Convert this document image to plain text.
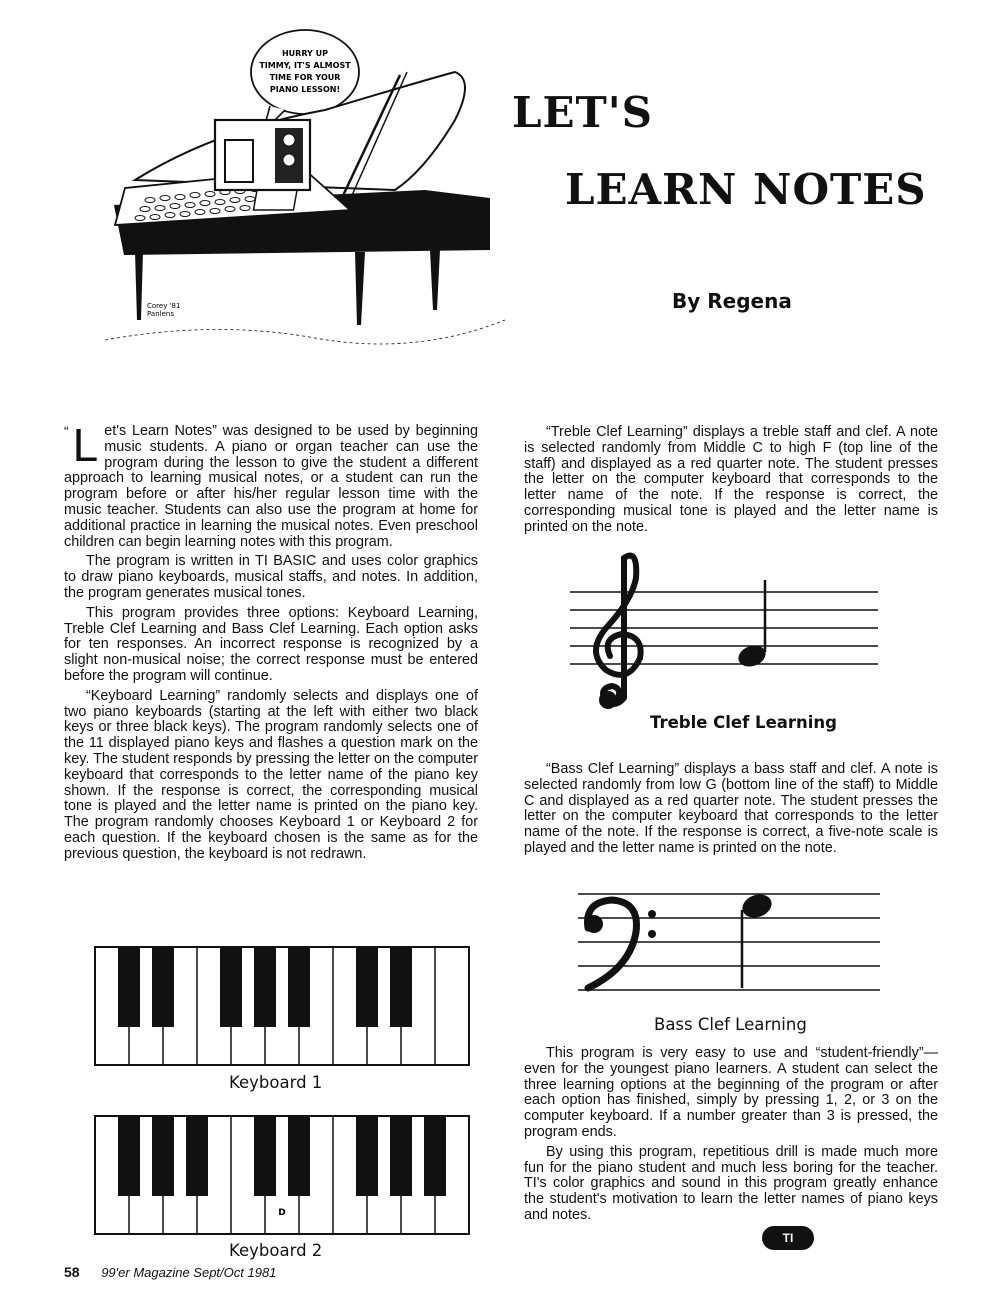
HURRY UP
TIMMY, IT'S ALMOST
TIME FOR YOUR
PIANO LESSON!
Corey '81
Panlens
LET'S
LEARN NOTES
By Regena

“ L et's Learn Notes” was designed to be used by beginning music students. A piano or organ teacher can use the program during the lesson to give the student a different approach to learning musical notes, or a student can run the program before or after his/her regular lesson time with the music teacher. Students can also use the program at home for additional practice in learning the musical notes. Even preschool children can begin learning notes with this program.

The program is written in TI BASIC and uses color graphics to draw piano keyboards, musical staffs, and notes. In addition, the program generates musical tones.

This program provides three options: Keyboard Learning, Treble Clef Learning and Bass Clef Learning. Each option asks for ten responses. An incorrect response is recognized by a slight non-musical noise; the correct response must be entered before the program will continue.

“Keyboard Learning” randomly selects and displays one of two piano keyboards (starting at the left with either two black keys or three black keys). The program randomly selects one of the 11 displayed piano keys and flashes a question mark on the key. The student responds by pressing the letter on the computer keyboard that corresponds to the letter name of the piano key shown. If the response is correct, the corresponding musical tone is played and the letter name is printed on the piano key. The program randomly chooses Keyboard 1 or Keyboard 2 for each question. If the keyboard chosen is the same as for the previous question, the keyboard is not redrawn.

Keyboard 1
D
Keyboard 2

“Treble Clef Learning” displays a treble staff and clef. A note is selected randomly from Middle C to high F (top line of the staff) and displayed as a red quarter note. The student presses the letter on the computer keyboard that corresponds to the letter name of the note. If the response is correct, the corresponding musical tone is played and the letter name is printed on the note.

Treble Clef Learning

“Bass Clef Learning” displays a bass staff and clef. A note is selected randomly from low G (bottom line of the staff) to Middle C and displayed as a red quarter note. The student presses the letter on the computer keyboard that corresponds to the letter name of the note. If the response is correct, a five-note scale is played and the letter name is printed on the note.

Bass Clef Learning

This program is very easy to use and “student-friendly”—even for the youngest piano learners. A student can select the three learning options at the beginning of the program or after each option has finished, simply by pressing 1, 2, or 3 on the computer keyboard. If a number greater than 3 is pressed, the program ends.

By using this program, repetitious drill is made much more fun for the piano student and much less boring for the teacher. TI's color graphics and sound in this program greatly enhance the student's motivation to learn the letter names of piano keys and notes.

TI
58 99'er Magazine Sept/Oct 1981
